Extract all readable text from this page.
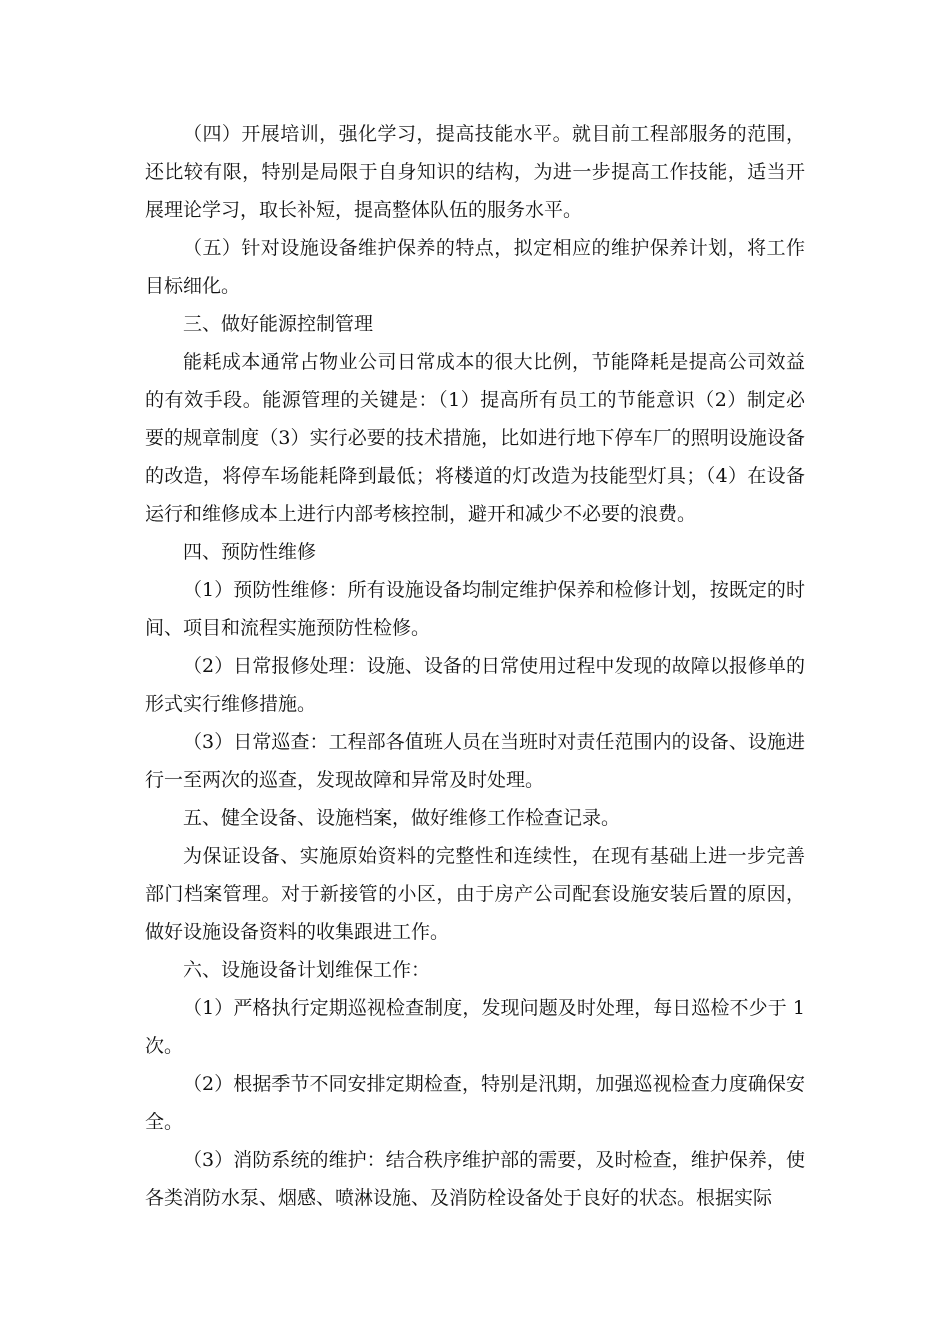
（四）开展培训，强化学习，提高技能水平。就目前工程部服务的范围，还比较有限，特别是局限于自身知识的结构，为进一步提高工作技能，适当开展理论学习，取长补短，提高整体队伍的服务水平。

（五）针对设施设备维护保养的特点，拟定相应的维护保养计划，将工作目标细化。

三、做好能源控制管理

能耗成本通常占物业公司日常成本的很大比例，节能降耗是提高公司效益的有效手段。能源管理的关键是：（1）提高所有员工的节能意识（2）制定必要的规章制度（3）实行必要的技术措施，比如进行地下停车厂的照明设施设备的改造，将停车场能耗降到最低；将楼道的灯改造为技能型灯具；（4）在设备运行和维修成本上进行内部考核控制，避开和减少不必要的浪费。

四、预防性维修

（1）预防性维修：所有设施设备均制定维护保养和检修计划，按既定的时间、项目和流程实施预防性检修。

（2）日常报修处理：设施、设备的日常使用过程中发现的故障以报修单的形式实行维修措施。

（3）日常巡查：工程部各值班人员在当班时对责任范围内的设备、设施进行一至两次的巡查，发现故障和异常及时处理。

五、健全设备、设施档案，做好维修工作检查记录。

为保证设备、实施原始资料的完整性和连续性，在现有基础上进一步完善部门档案管理。对于新接管的小区，由于房产公司配套设施安装后置的原因，做好设施设备资料的收集跟进工作。

六、设施设备计划维保工作：

（1）严格执行定期巡视检查制度，发现问题及时处理，每日巡检不少于 1 次。

（2）根据季节不同安排定期检查，特别是汛期，加强巡视检查力度确保安全。

（3）消防系统的维护：结合秩序维护部的需要，及时检查，维护保养，使各类消防水泵、烟感、喷淋设施、及消防栓设备处于良好的状态。根据实际
